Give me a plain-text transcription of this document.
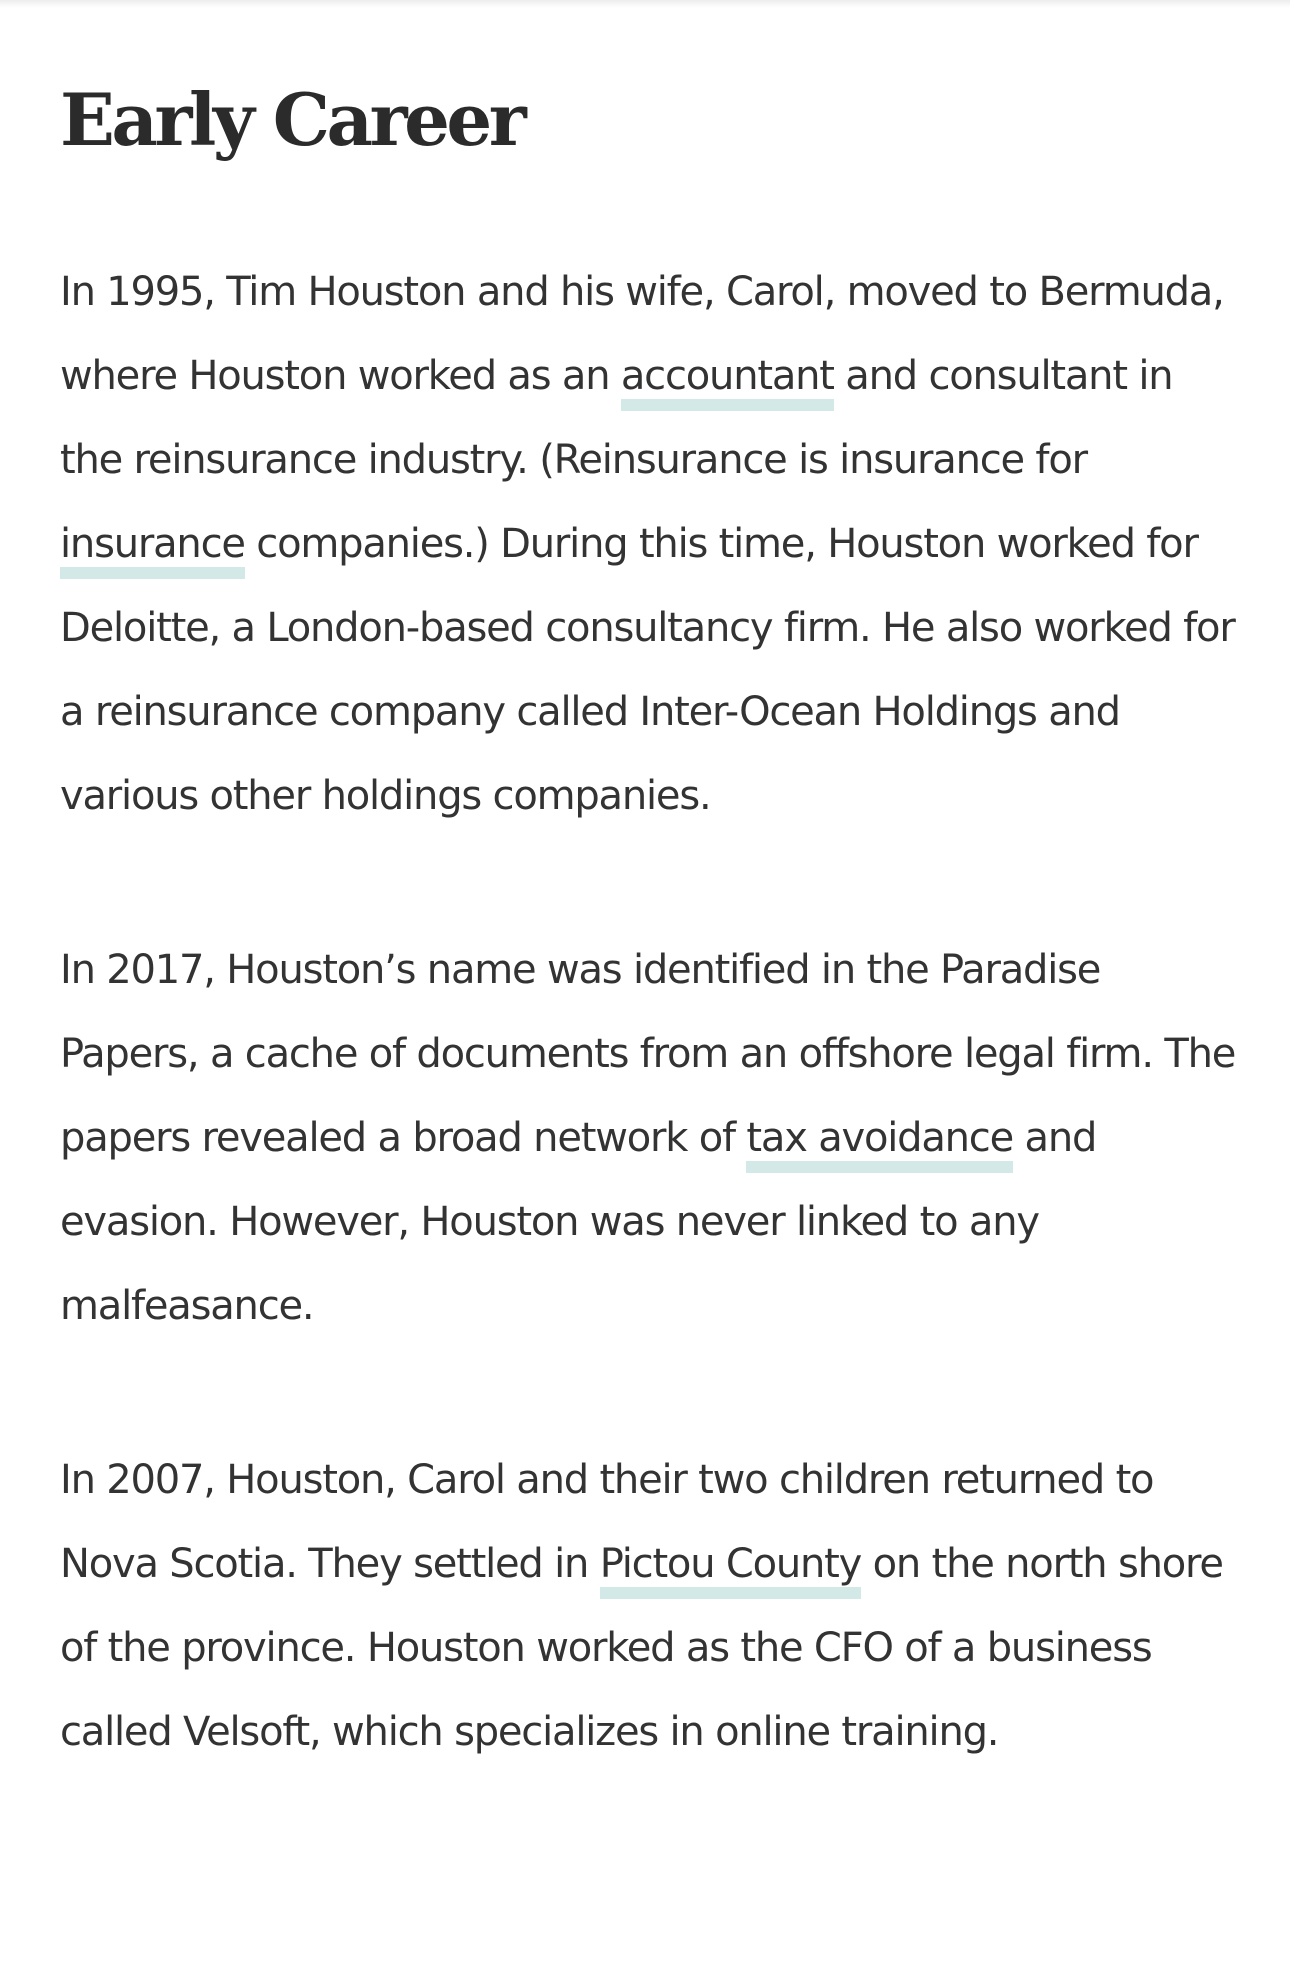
Early Career

In 1995, Tim Houston and his wife, Carol, moved to Bermuda, where Houston worked as an accountant and consultant in the reinsurance industry. (Reinsurance is insurance for insurance companies.) During this time, Houston worked for Deloitte, a London-based consultancy firm. He also worked for a reinsurance company called Inter-Ocean Holdings and various other holdings companies.

In 2017, Houston’s name was identified in the Paradise Papers, a cache of documents from an offshore legal firm. The papers revealed a broad network of tax avoidance and evasion. However, Houston was never linked to any malfeasance.

In 2007, Houston, Carol and their two children returned to Nova Scotia. They settled in Pictou County on the north shore of the province. Houston worked as the CFO of a business called Velsoft, which specializes in online training.
